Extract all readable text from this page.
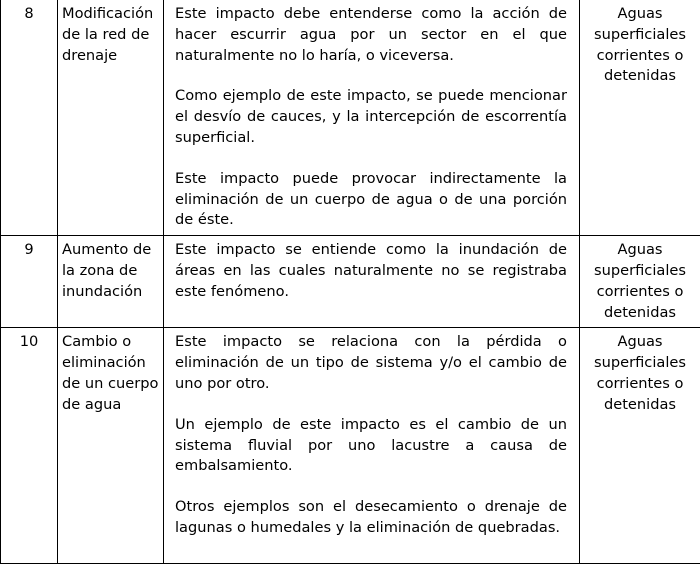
8	Modificación de la red de drenaje	Este impacto debe entenderse como la acción de hacer escurrir agua por un sector en el que naturalmente no lo haría, o viceversa.

Como ejemplo de este impacto, se puede mencionar el desvío de cauces, y la intercepción de escorrentía superficial.

Este impacto puede provocar indirectamente la eliminación de un cuerpo de agua o de una porción de éste.	Aguas superficiales corrientes o detenidas
9	Aumento de la zona de inundación	Este impacto se entiende como la inundación de áreas en las cuales naturalmente no se registraba este fenómeno.	Aguas superficiales corrientes o detenidas
10	Cambio o eliminación de un cuerpo de agua	Este impacto se relaciona con la pérdida o eliminación de un tipo de sistema y/o el cambio de uno por otro.

Un ejemplo de este impacto es el cambio de un sistema fluvial por uno lacustre a causa de embalsamiento.

Otros ejemplos son el desecamiento o drenaje de lagunas o humedales y la eliminación de quebradas.	Aguas superficiales corrientes o detenidas
